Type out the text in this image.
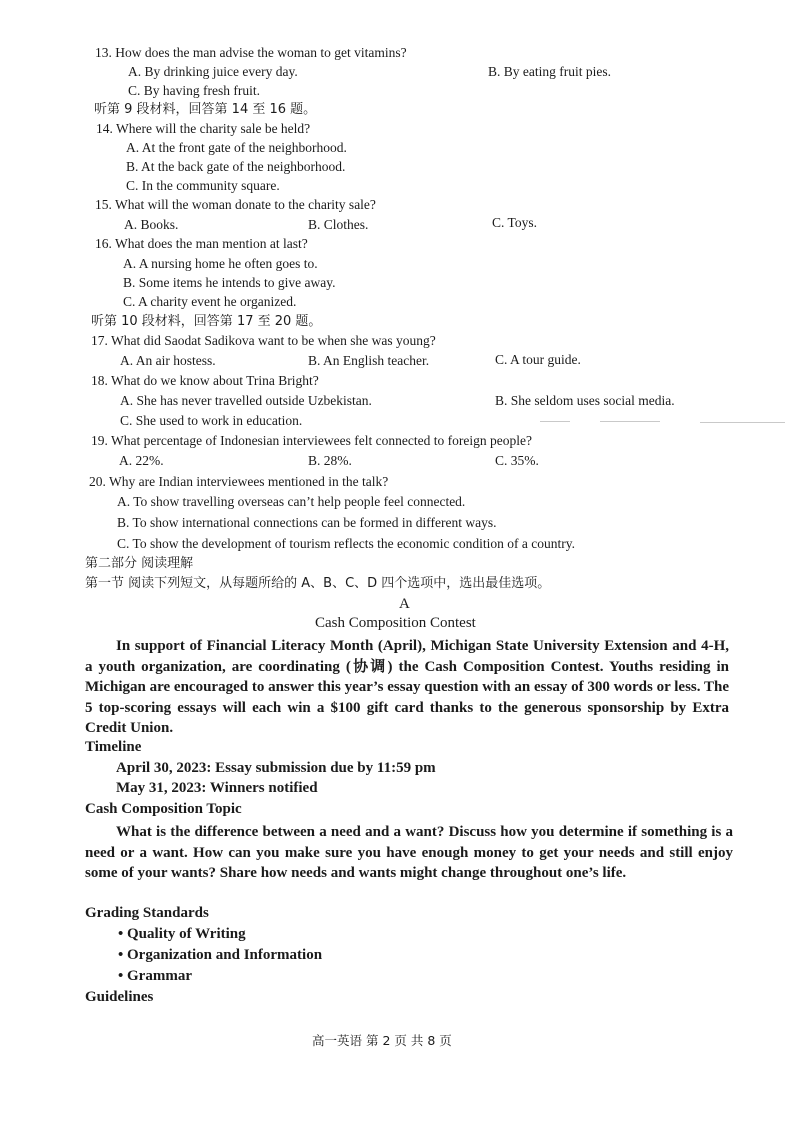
13. How does the man advise the woman to get vitamins?
A. By drinking juice every day.	B. By eating fruit pies.
C. By having fresh fruit.
听第 9 段材料，回答第 14 至 16 题。
14. Where will the charity sale be held?
A. At the front gate of the neighborhood.
B. At the back gate of the neighborhood.
C. In the community square.
15. What will the woman donate to the charity sale?
A. Books.	B. Clothes.	C. Toys.
16. What does the man mention at last?
A. A nursing home he often goes to.
B. Some items he intends to give away.
C. A charity event he organized.
听第 10 段材料，回答第 17 至 20 题。
17. What did Saodat Sadikova want to be when she was young?
A. An air hostess.	B. An English teacher.	C. A tour guide.
18. What do we know about Trina Bright?
A. She has never travelled outside Uzbekistan.	B. She seldom uses social media.
C. She used to work in education.
19. What percentage of Indonesian interviewees felt connected to foreign people?
A. 22%.	B. 28%.	C. 35%.
20. Why are Indian interviewees mentioned in the talk?
A. To show travelling overseas can’t help people feel connected.
B. To show international connections can be formed in different ways.
C. To show the development of tourism reflects the economic condition of a country.
第二部分 阅读理解
第一节 阅读下列短文，从每题所给的 A、B、C、D 四个选项中，选出最佳选项。
A
Cash Composition Contest
In support of Financial Literacy Month (April), Michigan State University Extension and 4-H, a youth organization, are coordinating (协调) the Cash Composition Contest. Youths residing in Michigan are encouraged to answer this year’s essay question with an essay of 300 words or less. The 5 top-scoring essays will each win a $100 gift card thanks to the generous sponsorship by Extra Credit Union.
Timeline
April 30, 2023: Essay submission due by 11:59 pm
May 31, 2023: Winners notified
Cash Composition Topic
What is the difference between a need and a want? Discuss how you determine if something is a need or a want. How can you make sure you have enough money to get your needs and still enjoy some of your wants? Share how needs and wants might change throughout one’s life.
Grading Standards
• Quality of Writing
• Organization and Information
• Grammar
Guidelines
高一英语 第 2 页 共 8 页
